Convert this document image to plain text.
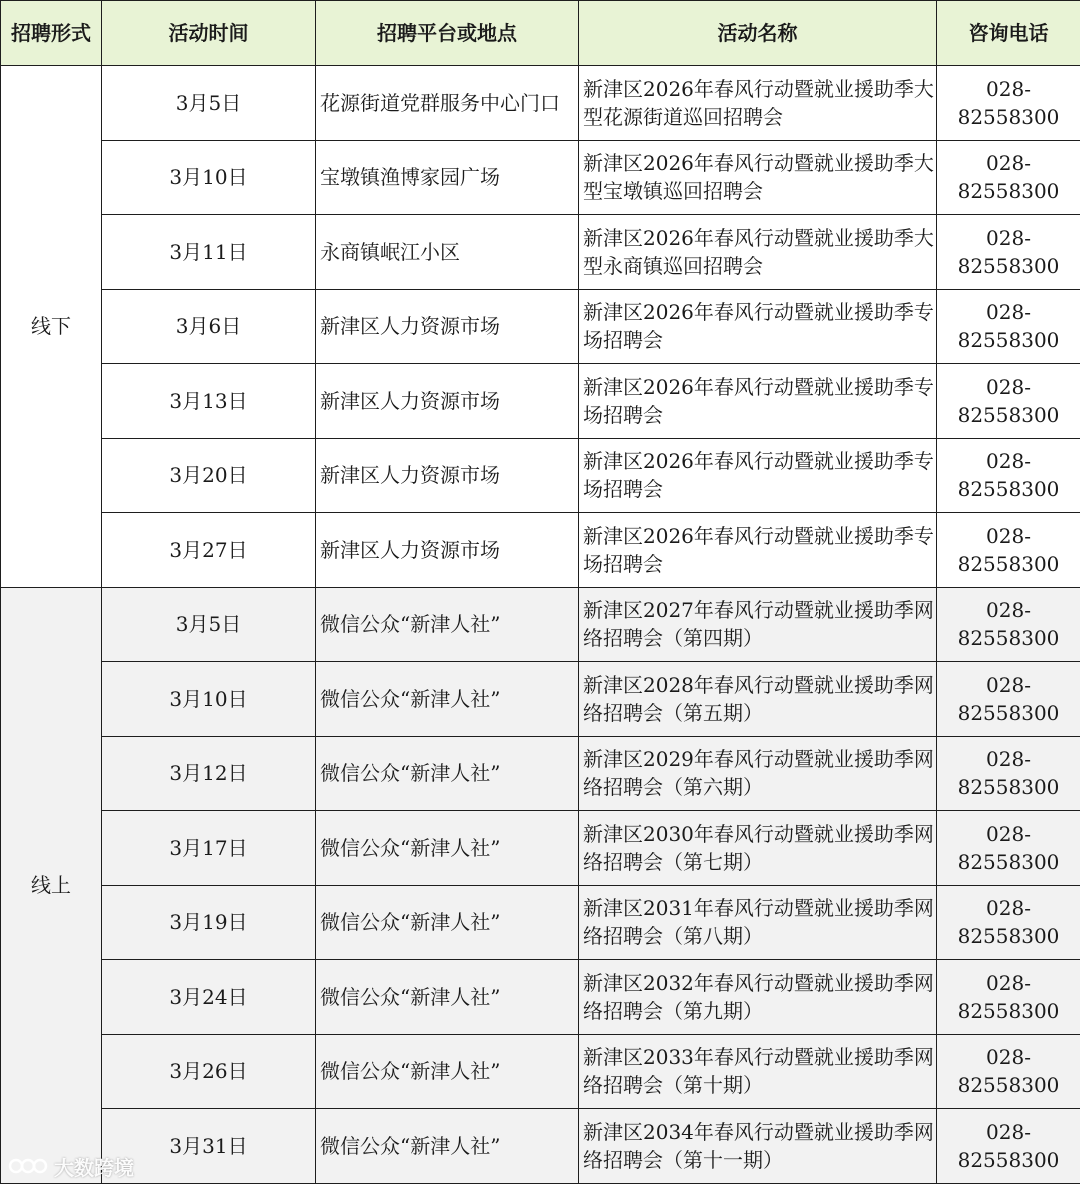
招聘形式	活动时间	招聘平台或地点	活动名称	咨询电话
线下	3月5日	花源街道党群服务中心门口	新津区2026年春风行动暨就业援助季大型花源街道巡回招聘会	028-82558300
	3月10日	宝墩镇渔博家园广场	新津区2026年春风行动暨就业援助季大型宝墩镇巡回招聘会	028-82558300
	3月11日	永商镇岷江小区	新津区2026年春风行动暨就业援助季大型永商镇巡回招聘会	028-82558300
	3月6日	新津区人力资源市场	新津区2026年春风行动暨就业援助季专场招聘会	028-82558300
	3月13日	新津区人力资源市场	新津区2026年春风行动暨就业援助季专场招聘会	028-82558300
	3月20日	新津区人力资源市场	新津区2026年春风行动暨就业援助季专场招聘会	028-82558300
	3月27日	新津区人力资源市场	新津区2026年春风行动暨就业援助季专场招聘会	028-82558300
线上	3月5日	微信公众“新津人社”	新津区2027年春风行动暨就业援助季网络招聘会（第四期）	028-82558300
	3月10日	微信公众“新津人社”	新津区2028年春风行动暨就业援助季网络招聘会（第五期）	028-82558300
	3月12日	微信公众“新津人社”	新津区2029年春风行动暨就业援助季网络招聘会（第六期）	028-82558300
	3月17日	微信公众“新津人社”	新津区2030年春风行动暨就业援助季网络招聘会（第七期）	028-82558300
	3月19日	微信公众“新津人社”	新津区2031年春风行动暨就业援助季网络招聘会（第八期）	028-82558300
	3月24日	微信公众“新津人社”	新津区2032年春风行动暨就业援助季网络招聘会（第九期）	028-82558300
	3月26日	微信公众“新津人社”	新津区2033年春风行动暨就业援助季网络招聘会（第十期）	028-82558300
	3月31日	微信公众“新津人社”	新津区2034年春风行动暨就业援助季网络招聘会（第十一期）	028-82558300
大数跨境
